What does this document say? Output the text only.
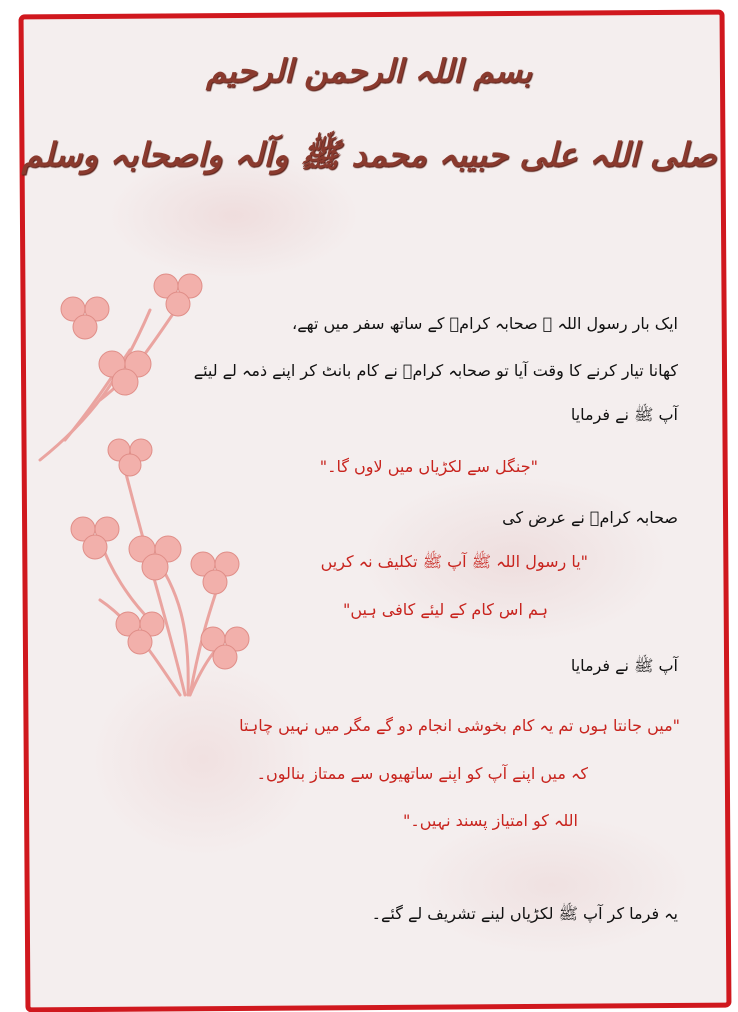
بسم اللہ الرحمن الرحیم
صلی اللہ علی حبیبہ محمد ﷺ وآلہ واصحابہ وسلم
ایک بار رسول اللہ ﷺ صحابہ کرامؓ کے ساتھ سفر میں تھے،
کھانا تیار کرنے کا وقت آیا تو صحابہ کرامؓ نے کام بانٹ کر اپنے ذمہ لے لیئے
آپ ﷺ نے فرمایا
"جنگل سے لکڑیاں میں لاوں گا۔"
صحابہ کرامؓ نے عرض کی
"یا رسول اللہ ﷺ آپ ﷺ تکلیف نہ کریں
ہم اس کام کے لیئے کافی ہیں"
آپ ﷺ نے فرمایا
"میں جانتا ہوں تم یہ کام بخوشی انجام دو گے مگر میں نہیں چاہتا
کہ میں اپنے آپ کو اپنے ساتھیوں سے ممتاز بنالوں۔
اللہ کو امتیاز پسند نہیں۔"
یہ فرما کر آپ ﷺ لکڑیاں لینے تشریف لے گئے۔
